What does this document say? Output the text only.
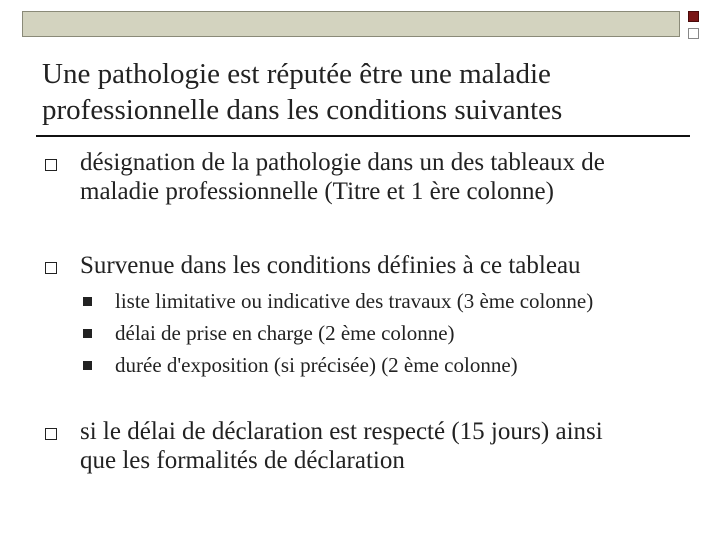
Une pathologie est réputée être une maladie
professionnelle dans les conditions suivantes
désignation de la pathologie dans un des tableaux de
maladie professionnelle (Titre et 1 ère colonne)
Survenue dans les conditions définies à ce tableau
liste limitative ou indicative des travaux (3 ème colonne)
délai de prise en charge (2 ème colonne)
durée d'exposition (si précisée) (2 ème colonne)
si le délai de déclaration est respecté (15 jours) ainsi
que les formalités de déclaration
